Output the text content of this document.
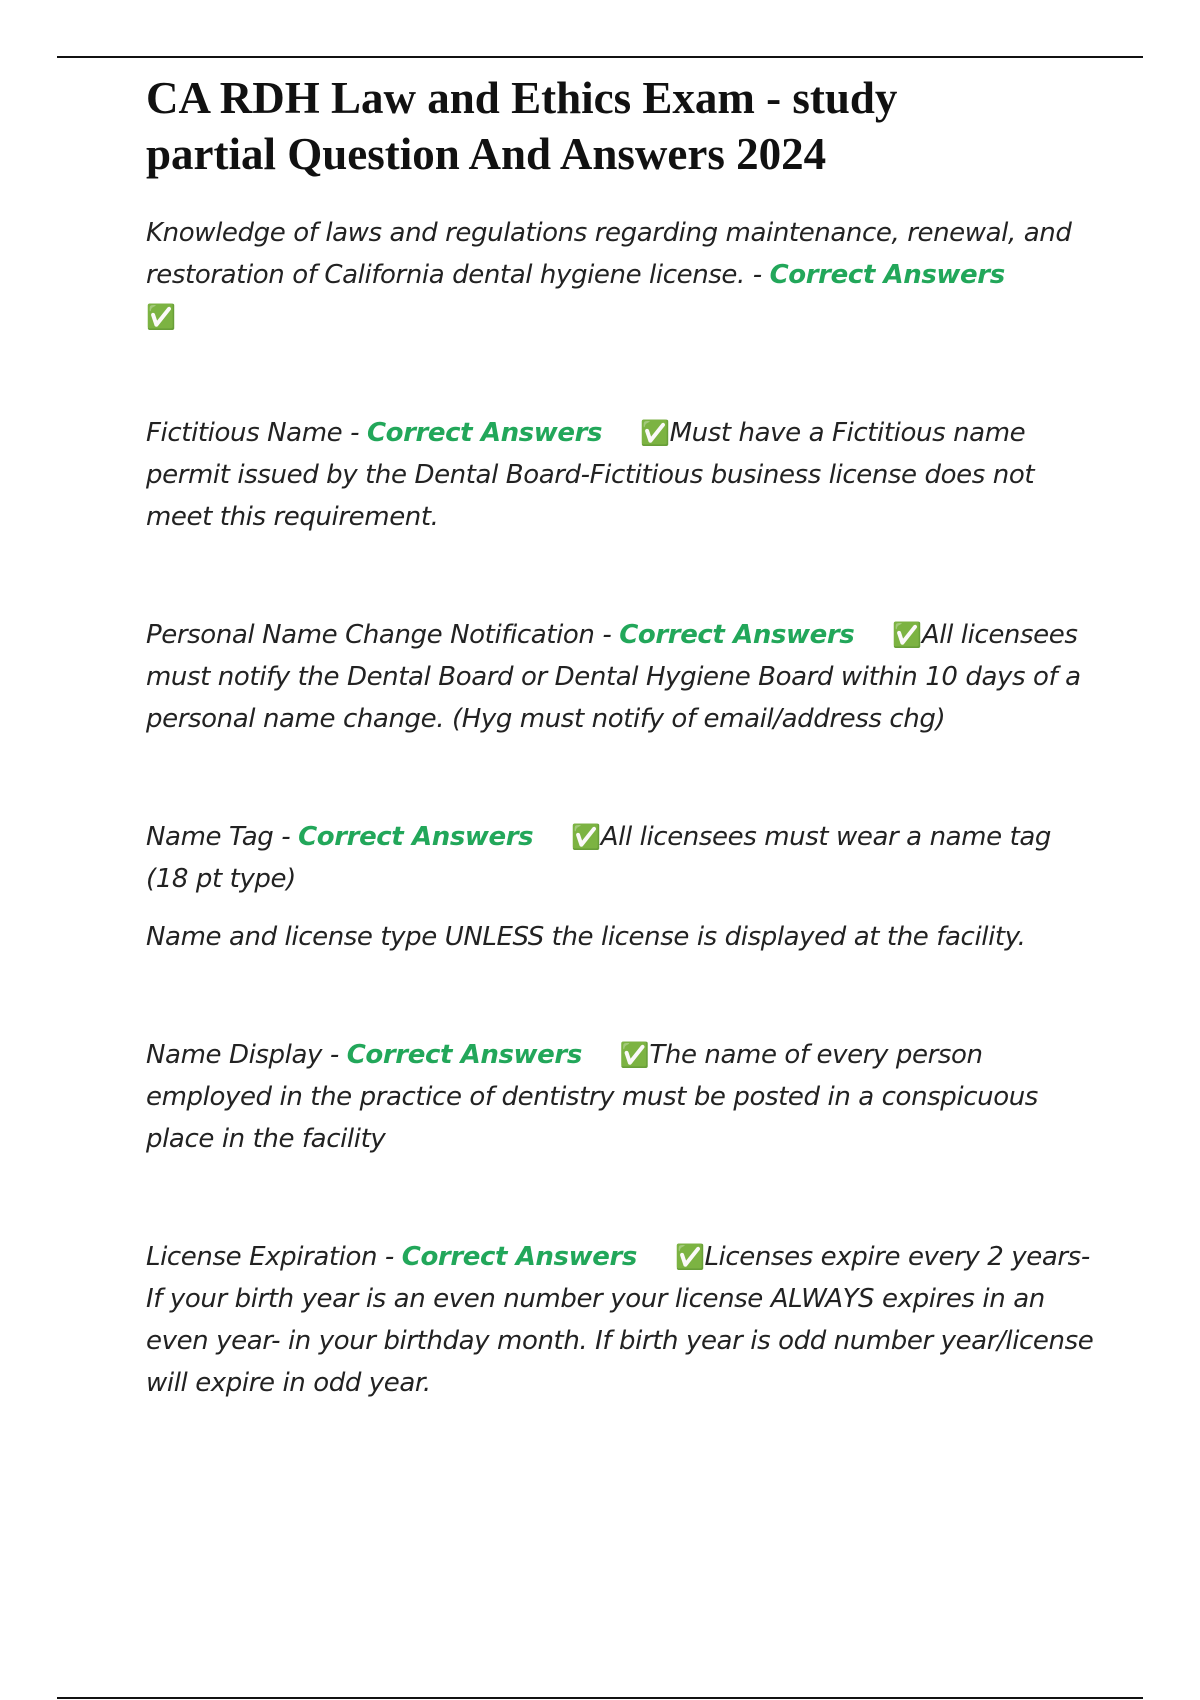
CA RDH Law and Ethics Exam - study
partial Question And Answers 2024

Knowledge of laws and regulations regarding maintenance, renewal, and restoration of California dental hygiene license. - Correct Answers
✅

Fictitious Name - Correct Answers ✅Must have a Fictitious name permit issued by the Dental Board-Fictitious business license does not meet this requirement.

Personal Name Change Notification - Correct Answers ✅All licensees must notify the Dental Board or Dental Hygiene Board within 10 days of a personal name change. (Hyg must notify of email/address chg)

Name Tag - Correct Answers ✅All licensees must wear a name tag (18 pt type)

Name and license type UNLESS the license is displayed at the facility.

Name Display - Correct Answers ✅The name of every person employed in the practice of dentistry must be posted in a conspicuous place in the facility

License Expiration - Correct Answers ✅Licenses expire every 2 years- If your birth year is an even number your license ALWAYS expires in an even year- in your birthday month. If birth year is odd number year/license will expire in odd year.
